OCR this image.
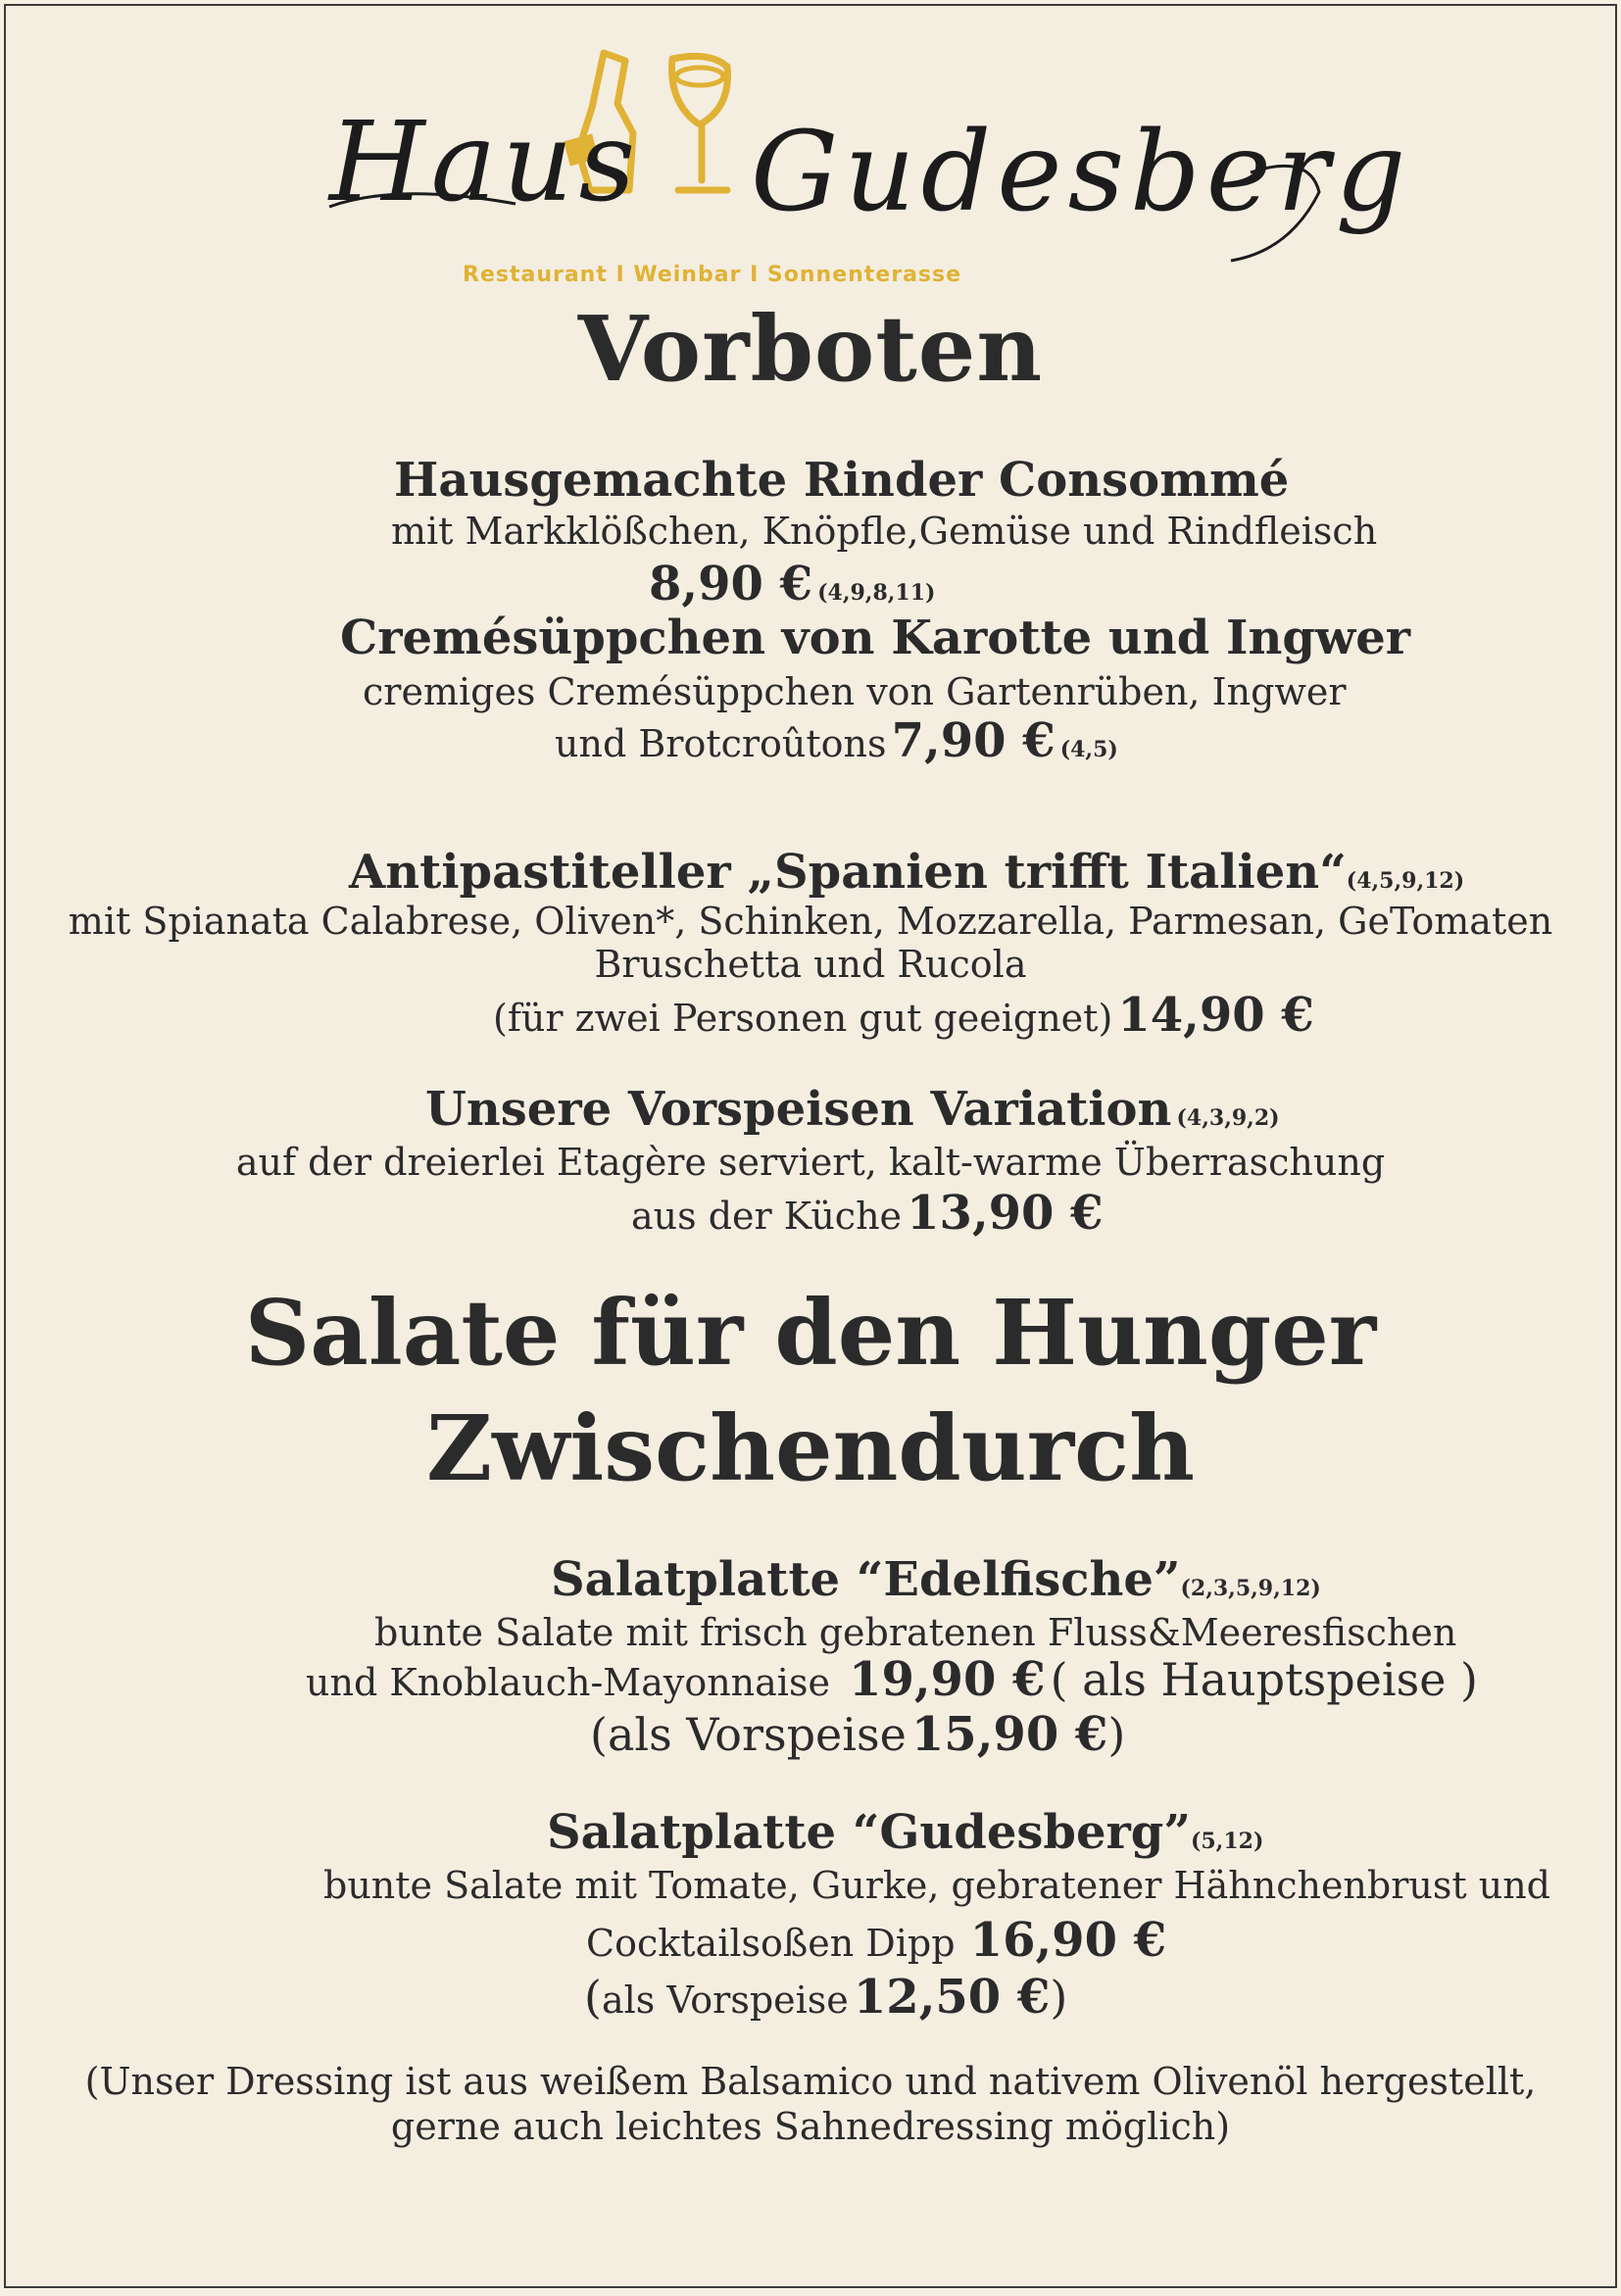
Haus Gudesberg
Restaurant I Weinbar I Sonnenterasse
Vorboten
Hausgemachte Rinder Consommé
mit Markklößchen, Knöpfle,Gemüse und Rindfleisch
8,90 € (4,9,8,11)
Cremésüppchen von Karotte und Ingwer
cremiges Cremésüppchen von Gartenrüben, Ingwer
und Brotcroûtons 7,90 € (4,5)
Antipastiteller „Spanien trifft Italien“(4,5,9,12)
mit Spianata Calabrese, Oliven*, Schinken, Mozzarella, Parmesan, GeTomaten
Bruschetta und Rucola
(für zwei Personen gut geeignet) 14,90 €
Unsere Vorspeisen Variation (4,3,9,2)
auf der dreierlei Etagère serviert, kalt-warme Überraschung
aus der Küche 13,90 €
Salate für den Hunger
Zwischendurch
Salatplatte “Edelfische”(2,3,5,9,12)
bunte Salate mit frisch gebratenen Fluss&Meeresfischen
und Knoblauch-Mayonnaise 19,90 € ( als Hauptspeise )
(als Vorspeise 15,90 €)
Salatplatte “Gudesberg”(5,12)
bunte Salate mit Tomate, Gurke, gebratener Hähnchenbrust und
Cocktailsoßen Dipp 16,90 €
(als Vorspeise 12,50 €)
(Unser Dressing ist aus weißem Balsamico und nativem Olivenöl hergestellt,
gerne auch leichtes Sahnedressing möglich)
